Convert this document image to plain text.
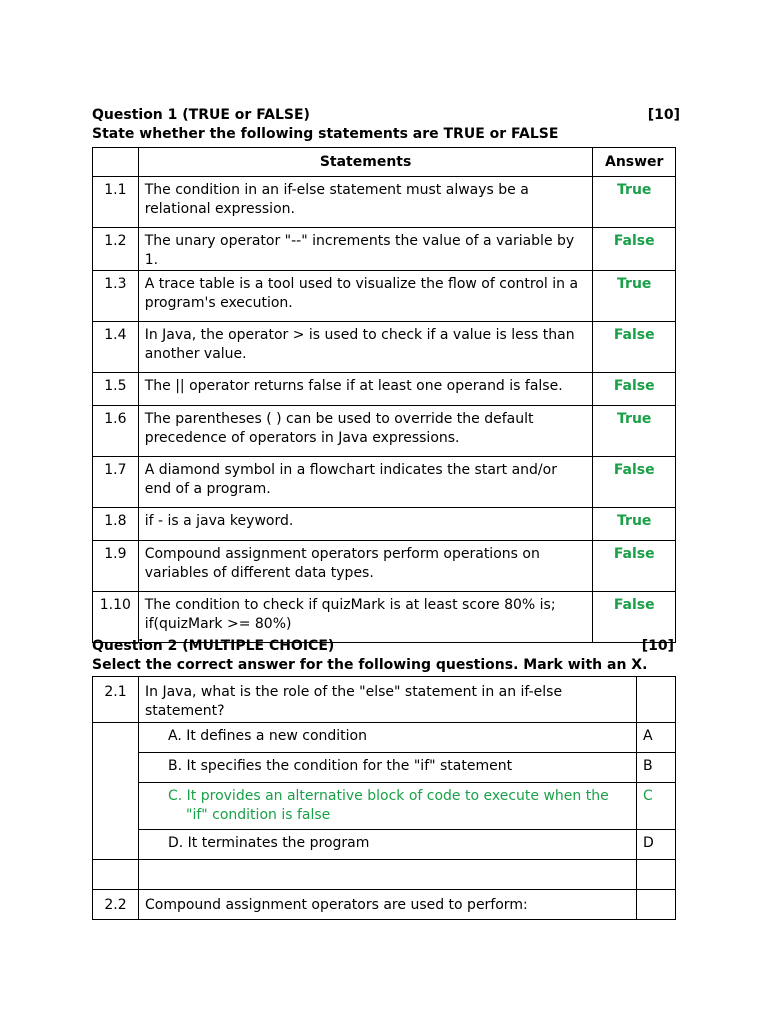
Question 1 (TRUE or FALSE)	[10]
State whether the following statements are TRUE or FALSE
	Statements	Answer
1.1	The condition in an if-else statement must always be a relational expression.	True
1.2	The unary operator "--" increments the value of a variable by 1.	False
1.3	A trace table is a tool used to visualize the flow of control in a program's execution.	True
1.4	In Java, the operator > is used to check if a value is less than another value.	False
1.5	The || operator returns false if at least one operand is false.	False
1.6	The parentheses ( ) can be used to override the default precedence of operators in Java expressions.	True
1.7	A diamond symbol in a flowchart indicates the start and/or end of a program.	False
1.8	if - is a java keyword.	True
1.9	Compound assignment operators perform operations on variables of different data types.	False
1.10	The condition to check if quizMark is at least score 80% is; if(quizMark >= 80%)	False
Question 2 (MULTIPLE CHOICE)	[10]
Select the correct answer for the following questions. Mark with an X.
2.1	In Java, what is the role of the "else" statement in an if-else statement?	
	A. It defines a new condition	A
	B. It specifies the condition for the "if" statement	B
	C. It provides an alternative block of code to execute when the "if" condition is false	C
	D. It terminates the program	D

2.2	Compound assignment operators are used to perform:	
